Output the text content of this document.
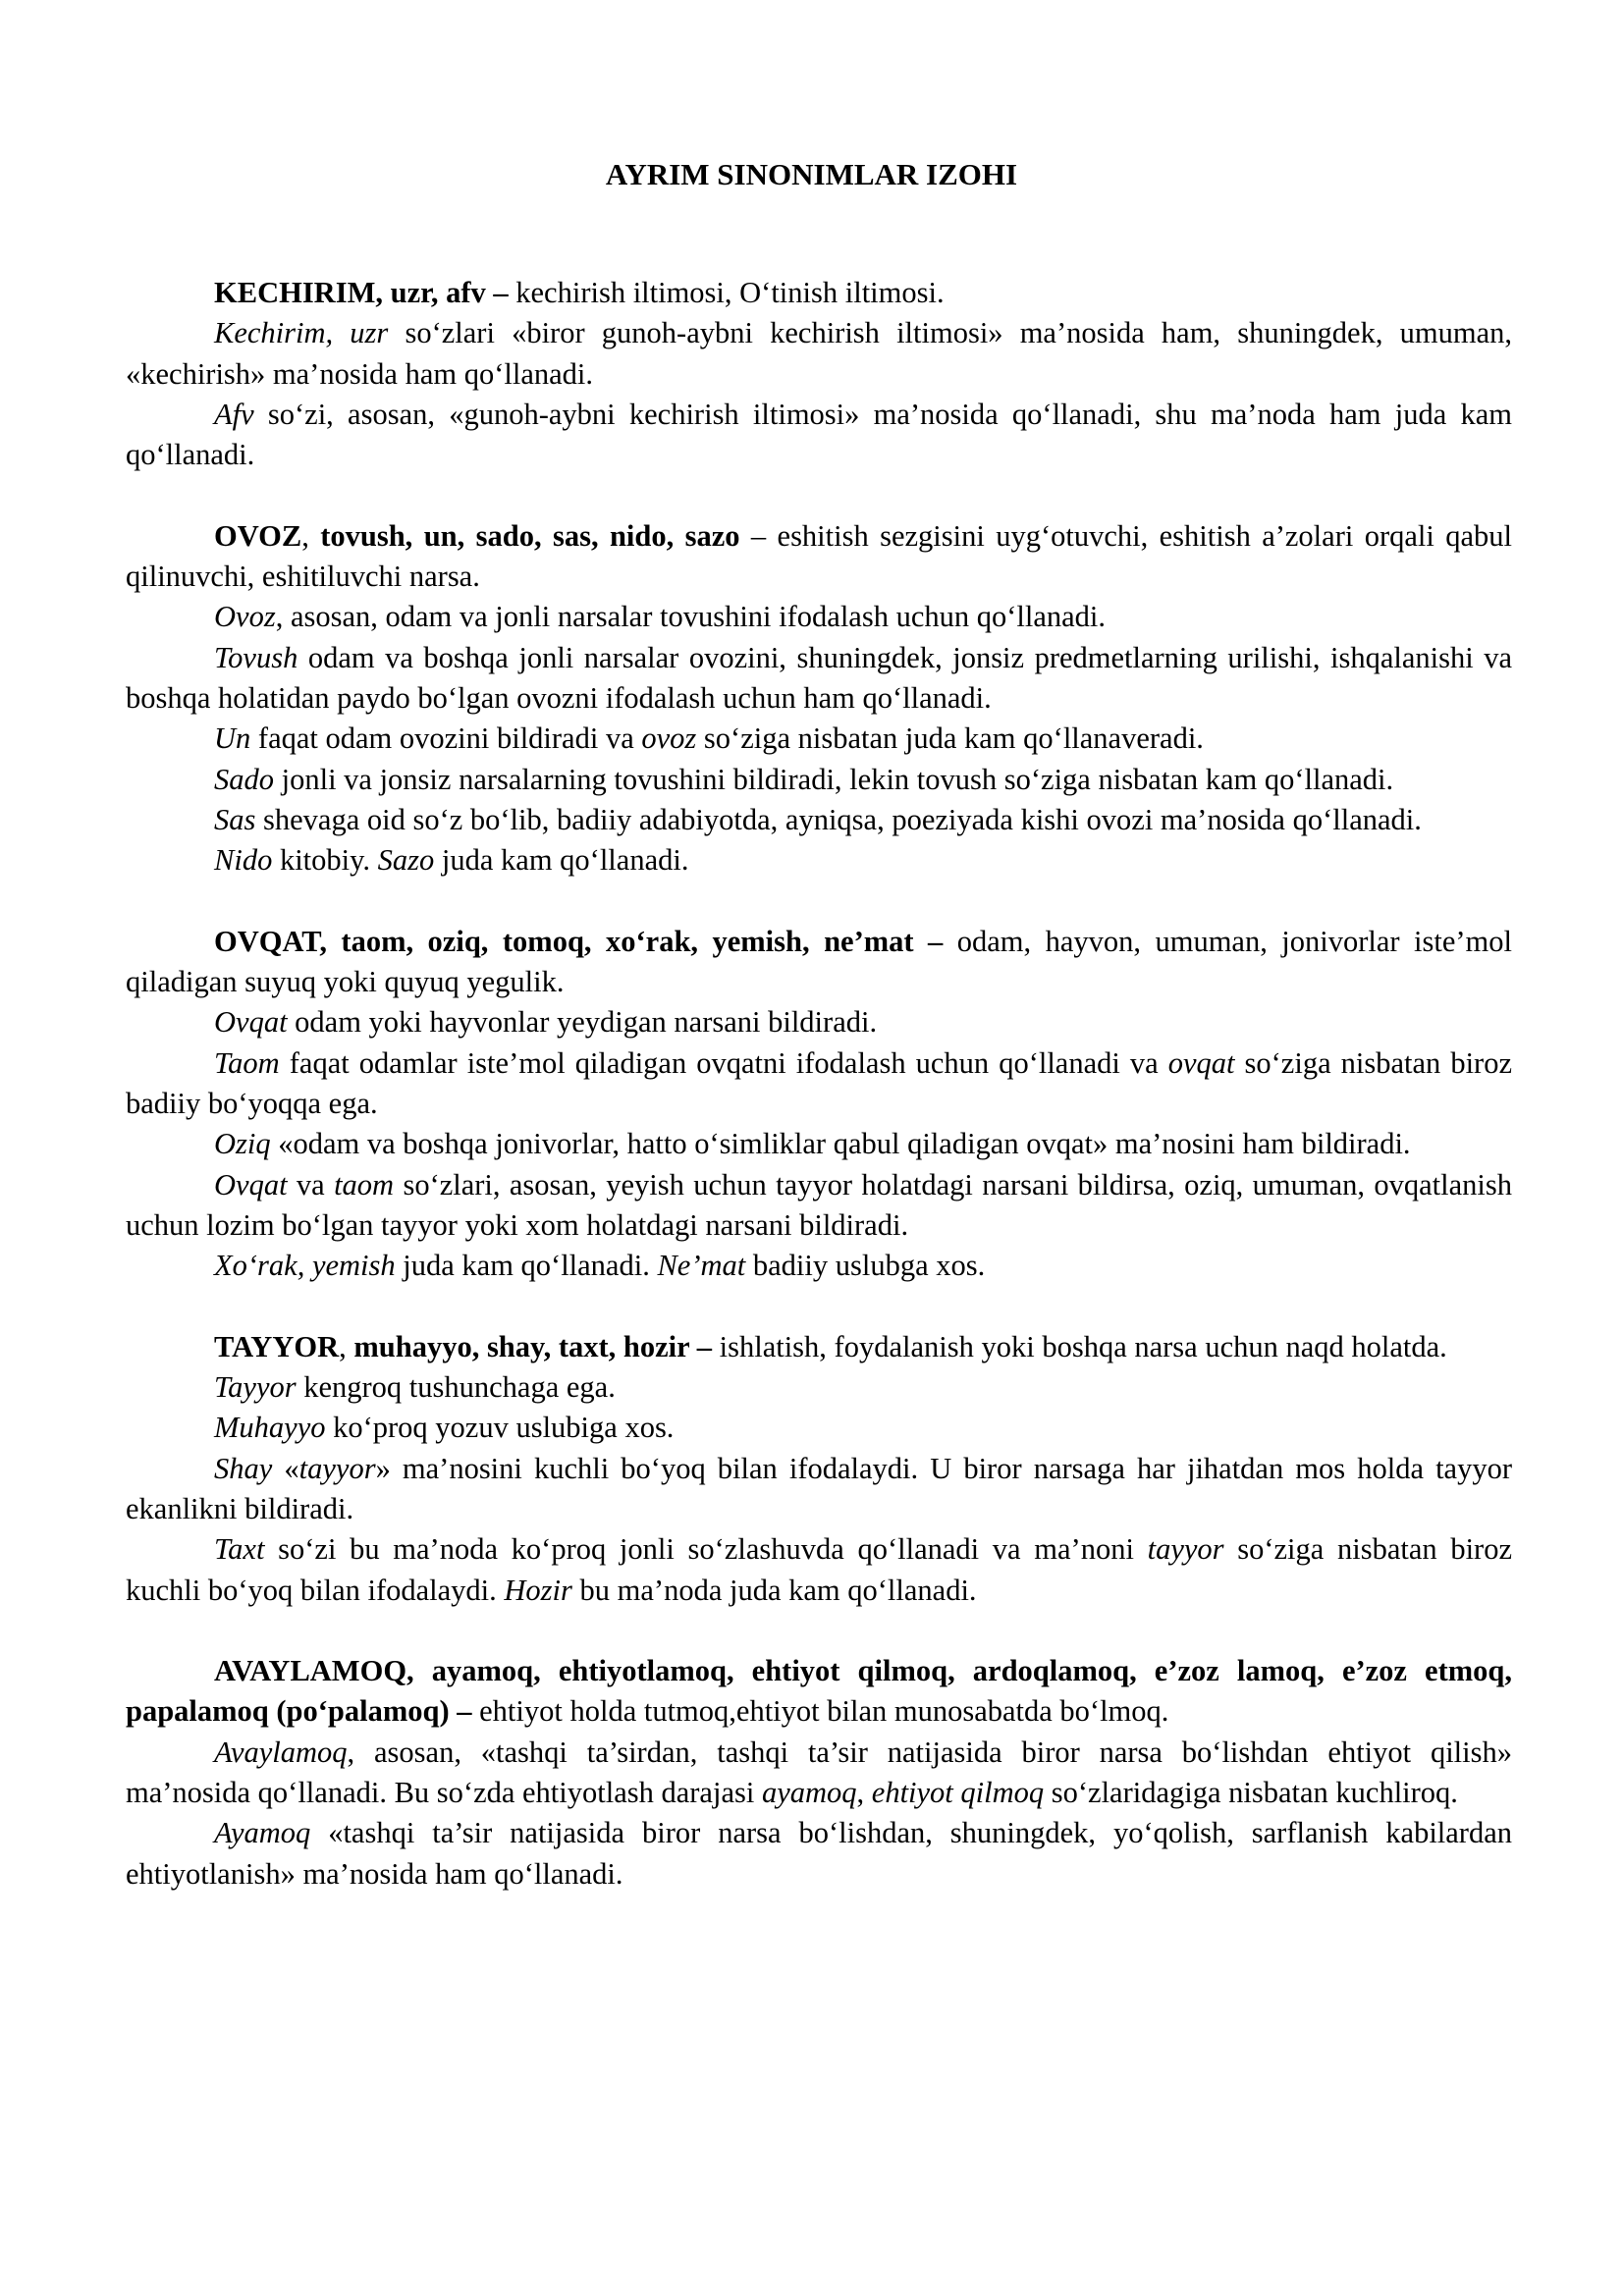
AYRIM SINONIMLAR IZOHI

KECHIRIM, uzr, afv – kechirish iltimosi, O‘tinish iltimosi.

Kechirim, uzr so‘zlari «biror gunoh-aybni kechirish iltimosi» ma’nosida ham, shuningdek, umuman, «kechirish» ma’nosida ham qo‘llanadi.

Afv so‘zi, asosan, «gunoh-aybni kechirish iltimosi» ma’nosida qo‘llanadi, shu ma’noda ham juda kam qo‘llanadi.

OVOZ, tovush, un, sado, sas, nido, sazo – eshitish sezgisini uyg‘otuvchi, eshitish a’zolari orqali qabul qilinuvchi, eshitiluvchi narsa.

Ovoz, asosan, odam va jonli narsalar tovushini ifodalash uchun qo‘llanadi.

Tovush odam va boshqa jonli narsalar ovozini, shuningdek, jonsiz predmetlarning urilishi, ishqalanishi va boshqa holatidan paydo bo‘lgan ovozni ifodalash uchun ham qo‘llanadi.

Un faqat odam ovozini bildiradi va ovoz so‘ziga nisbatan juda kam qo‘llanaveradi.

Sado jonli va jonsiz narsalarning tovushini bildiradi, lekin tovush so‘ziga nisbatan kam qo‘llanadi.

Sas shevaga oid so‘z bo‘lib, badiiy adabiyotda, ayniqsa, poeziyada kishi ovozi ma’nosida qo‘llanadi.

Nido kitobiy. Sazo juda kam qo‘llanadi.

OVQAT, taom, oziq, tomoq, xo‘rak, yemish, ne’mat – odam, hayvon, umuman, jonivorlar iste’mol qiladigan suyuq yoki quyuq yegulik.

Ovqat odam yoki hayvonlar yeydigan narsani bildiradi.

Taom faqat odamlar iste’mol qiladigan ovqatni ifodalash uchun qo‘llanadi va ovqat so‘ziga nisbatan biroz badiiy bo‘yoqqa ega.

Oziq «odam va boshqa jonivorlar, hatto o‘simliklar qabul qiladigan ovqat» ma’nosini ham bildiradi.

Ovqat va taom so‘zlari, asosan, yeyish uchun tayyor holatdagi narsani bildirsa, oziq, umuman, ovqatlanish uchun lozim bo‘lgan tayyor yoki xom holatdagi narsani bildiradi.

Xo‘rak, yemish juda kam qo‘llanadi. Ne’mat badiiy uslubga xos.

TAYYOR, muhayyo, shay, taxt, hozir – ishlatish, foydalanish yoki boshqa narsa uchun naqd holatda.

Tayyor kengroq tushunchaga ega.

Muhayyo ko‘proq yozuv uslubiga xos.

Shay «tayyor» ma’nosini kuchli bo‘yoq bilan ifodalaydi. U biror narsaga har jihatdan mos holda tayyor ekanlikni bildiradi.

Taxt so‘zi bu ma’noda ko‘proq jonli so‘zlashuvda qo‘llanadi va ma’noni tayyor so‘ziga nisbatan biroz kuchli bo‘yoq bilan ifodalaydi. Hozir bu ma’noda juda kam qo‘llanadi.

AVAYLAMOQ, ayamoq, ehtiyotlamoq, ehtiyot qilmoq, ardoqlamoq, e’zoz lamoq, e’zoz etmoq, papalamoq (po‘palamoq) – ehtiyot holda tutmoq,ehtiyot bilan munosabatda bo‘lmoq.

Avaylamoq, asosan, «tashqi ta’sirdan, tashqi ta’sir natijasida biror narsa bo‘lishdan ehtiyot qilish» ma’nosida qo‘llanadi. Bu so‘zda ehtiyotlash darajasi ayamoq, ehtiyot qilmoq so‘zlaridagiga nisbatan kuchliroq.

Ayamoq «tashqi ta’sir natijasida biror narsa bo‘lishdan, shuningdek, yo‘qolish, sarflanish kabilardan ehtiyotlanish» ma’nosida ham qo‘llanadi.
